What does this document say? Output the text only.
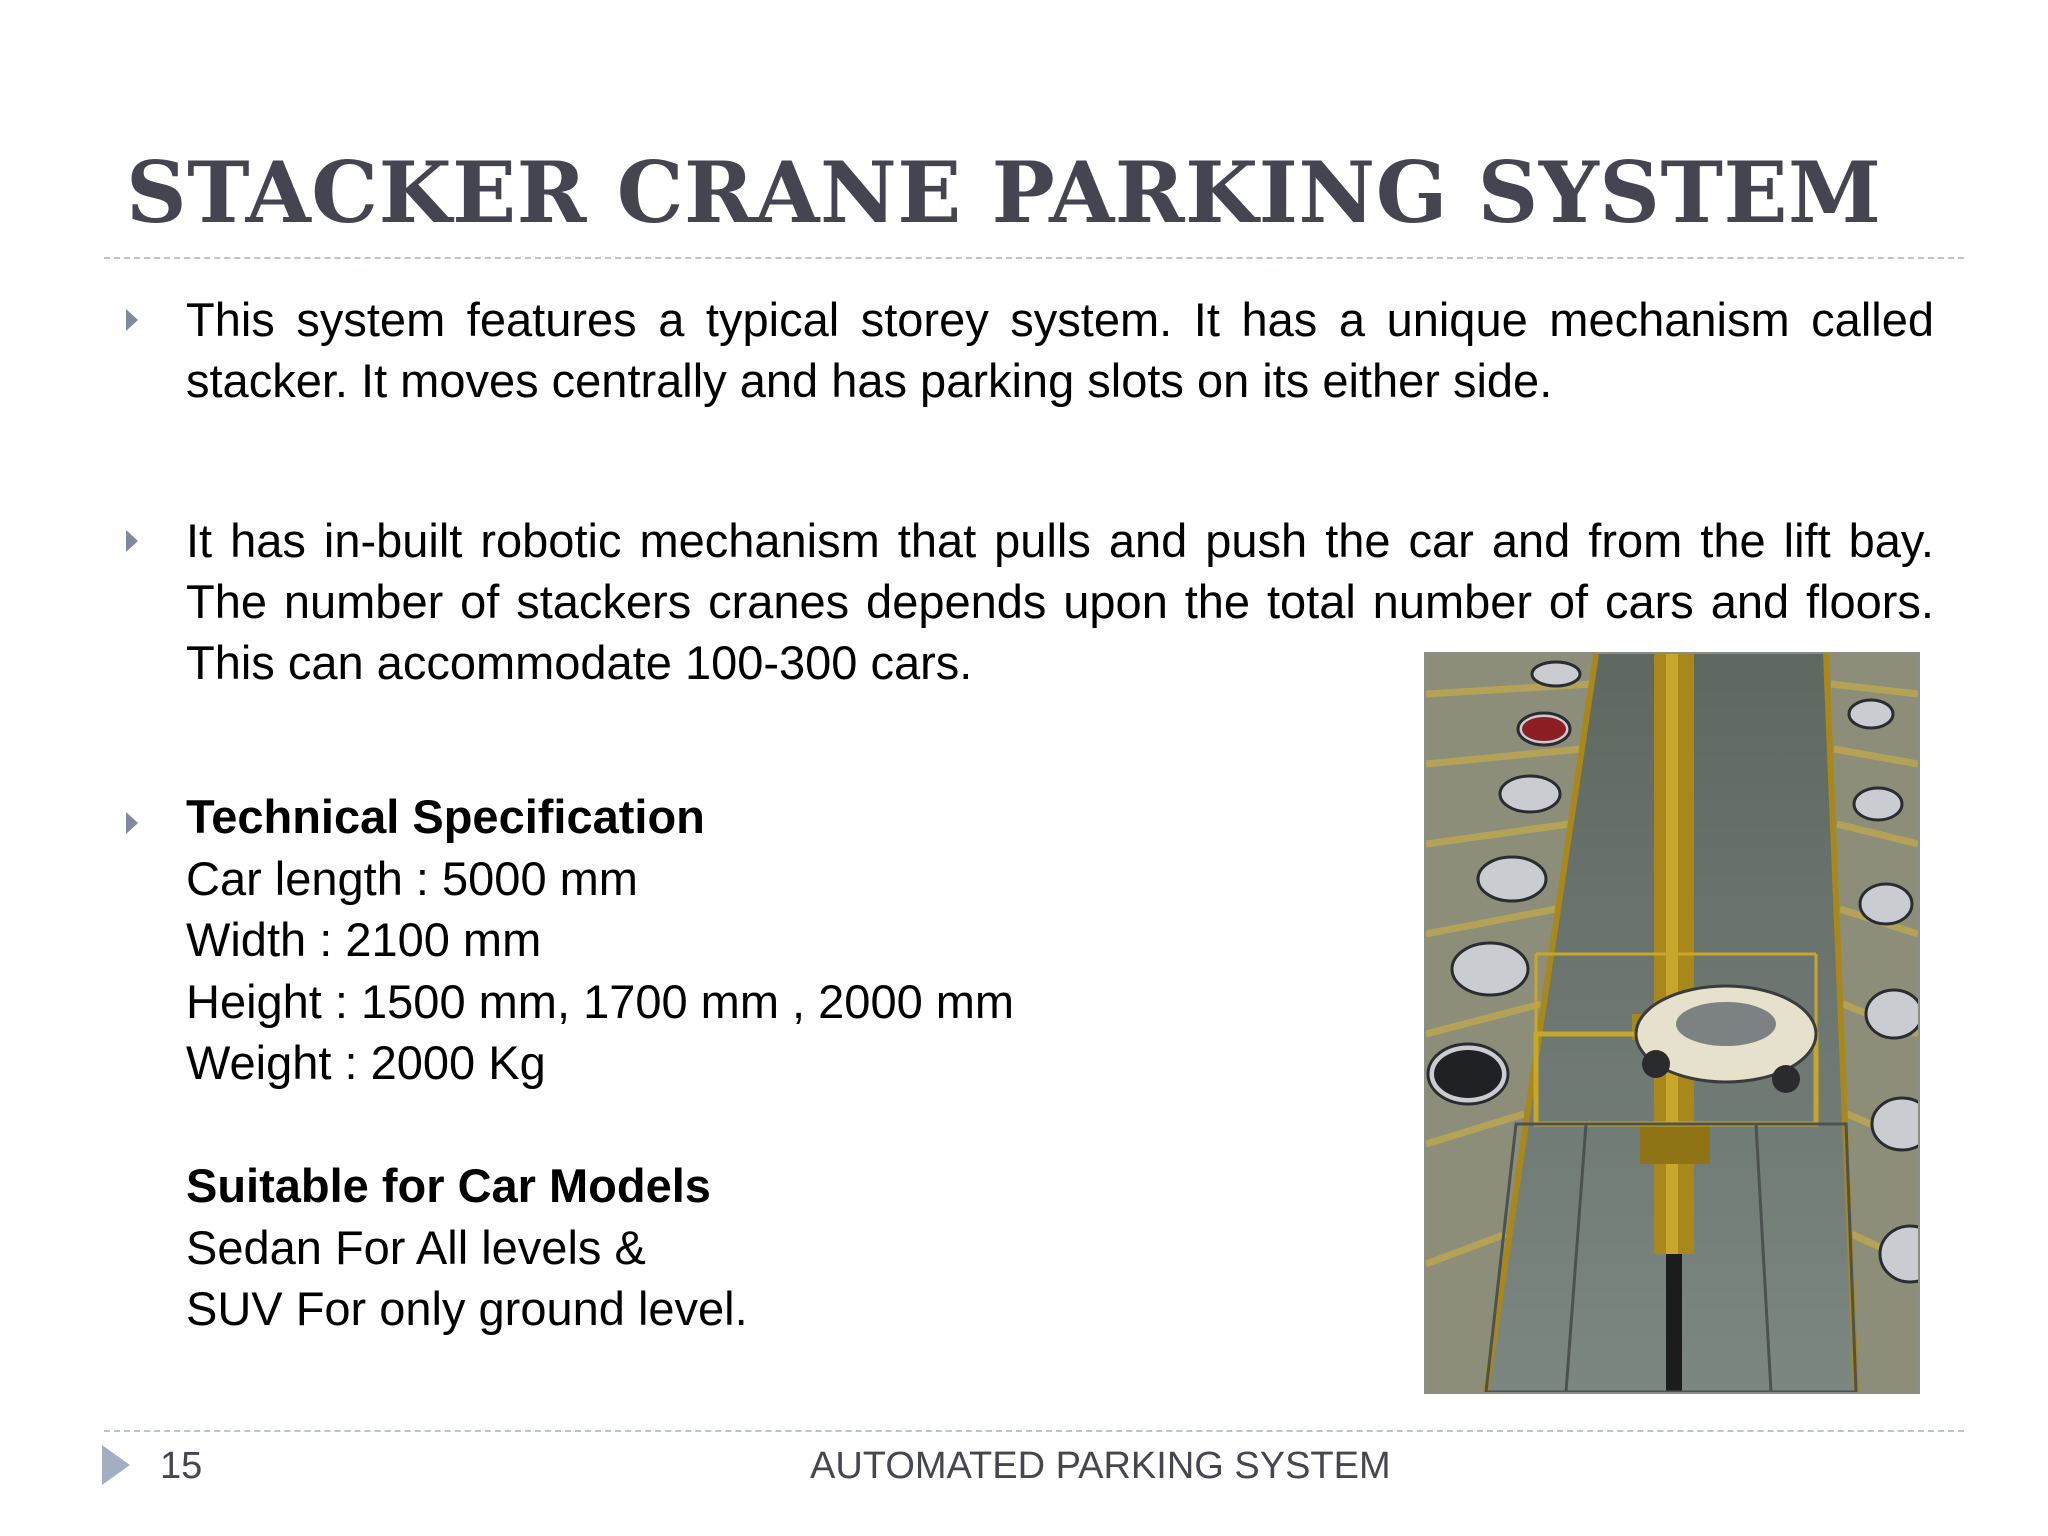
STACKER CRANE PARKING SYSTEM

This system features a typical storey system. It has a unique mechanism called stacker. It moves centrally and has parking slots on its either side.

It has in-built robotic mechanism that pulls and push the car and from the lift bay. The number of stackers cranes depends upon the total number of cars and floors. This can accommodate 100-300 cars.

Technical Specification
Car length : 5000 mm
Width : 2100 mm
Height : 1500 mm, 1700 mm , 2000 mm
Weight : 2000 Kg
Suitable for Car Models
Sedan For All levels &
SUV For only ground level.
15	AUTOMATED PARKING SYSTEM
